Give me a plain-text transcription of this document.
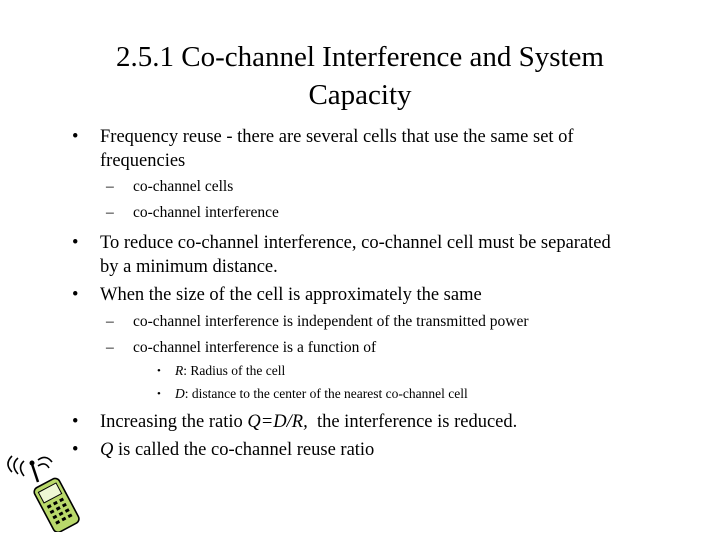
2.5.1 Co-channel Interference and System
Capacity
• Frequency reuse - there are several cells that use the same set of
frequencies
– co-channel cells
– co-channel interference
• To reduce co-channel interference, co-channel cell must be separated
by a minimum distance.
• When the size of the cell is approximately the same
– co-channel interference is independent of the transmitted power
– co-channel interference is a function of
• R: Radius of the cell
• D: distance to the center of the nearest co-channel cell
• Increasing the ratio Q=D/R,  the interference is reduced.
• Q is called the co-channel reuse ratio
